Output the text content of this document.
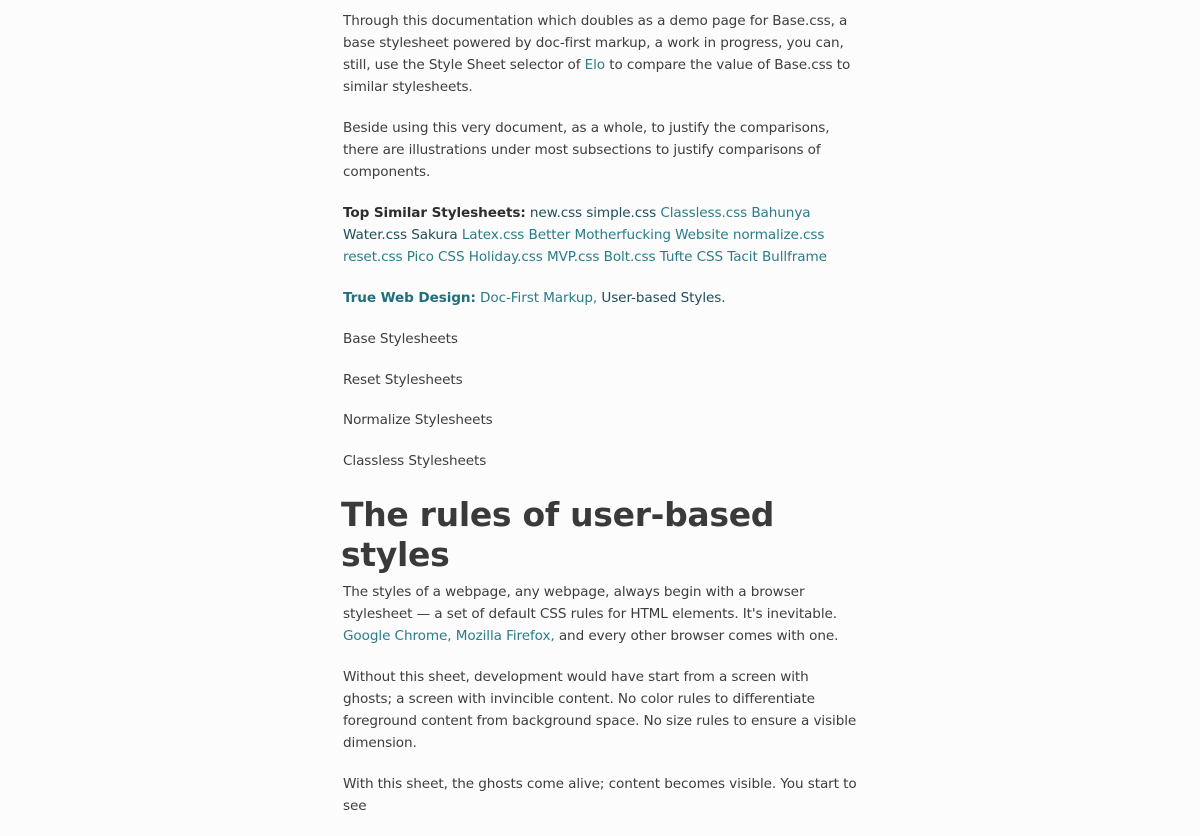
Through this documentation which doubles as a demo page for Base.css, a base stylesheet powered by doc-first markup, a work in progress, you can, still, use the Style Sheet selector of Elo to compare the value of Base.css to similar stylesheets.

Beside using this very document, as a whole, to justify the comparisons, there are illustrations under most subsections to justify comparisons of components.

Top Similar Stylesheets: new.css simple.css Classless.css Bahunya Water.css Sakura Latex.css Better Motherfucking Website normalize.css reset.css Pico CSS Holiday.css MVP.css Bolt.css Tufte CSS Tacit Bullframe

True Web Design: Doc-First Markup, User-based Styles.

Base Stylesheets

Reset Stylesheets

Normalize Stylesheets

Classless Stylesheets

The rules of user-based styles

The styles of a webpage, any webpage, always begin with a browser stylesheet — a set of default CSS rules for HTML elements. It's inevitable. Google Chrome, Mozilla Firefox, and every other browser comes with one.

Without this sheet, development would have start from a screen with ghosts; a screen with invincible content. No color rules to differentiate foreground content from background space. No size rules to ensure a visible dimension.

With this sheet, the ghosts come alive; content becomes visible. You start to see
